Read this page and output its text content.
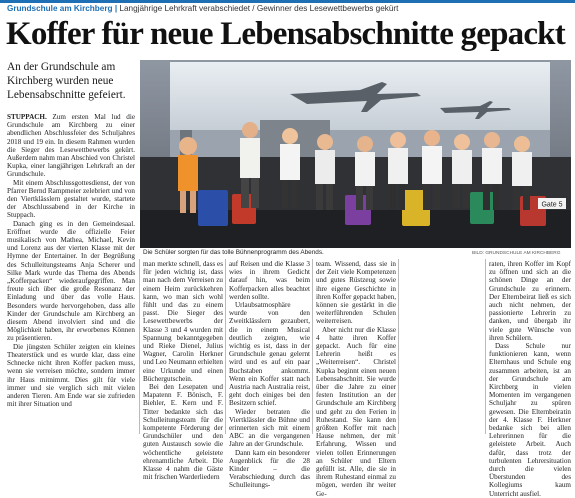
Grundschule am Kirchberg | Langjährige Lehrkraft verabschiedet / Gewinner des Lesewettbewerbs gekürt
Koffer für neue Lebensabschnitte gepackt
An der Grundschule am Kirchberg wurden neue Lebensabschnitte gefeiert.

STUPPACH. Zum ersten Mal lud die Grundschule am Kirchberg zu einer abendlichen Abschlussfeier des Schuljahres 2018 und 19 ein. In diesem Rahmen wurden die Sieger des Lesewettbewerbs gekürt. Außerdem nahm man Abschied von Christel Kupka, einer langjährigen Lehrkraft an der Grundschule.

Mit einem Abschlussgottesdienst, der von Pfarrer Bernd Rampmeier zelebriert und von den Viertklässlern gestaltet wurde, startete der Abschlussabend in der Kirche in Stuppach.

Danach ging es in den Gemeindesaal. Eröffnet wurde die offizielle Feier musikalisch von Mathea, Michael, Kevin und Lorenz aus der vierten Klasse mit der Hymne der Entertainer. In der Begrüßung des Schulleitungsteams Anja Scherer und Silke Mark wurde das Thema des Abends „Kofferpacken“ wiederaufgegriffen. Man freute sich über die große Resonanz der Einladung und über das volle Haus. Besonders wurde hervorgehoben, dass alle Kinder der Grundschule am Kirchberg an diesem Abend involviert sind und die Möglichkeit haben, ihr erworbenes Können zu präsentieren.

Die jüngsten Schüler zeigten ein kleines Theaterstück und es wurde klar, dass eine Schnecke nicht ihren Koffer packen muss, wenn sie verreisen möchte, sondern immer ihr Haus mitnimmt. Dies gilt für viele immer und sie verglich sich mit vielen anderen Tieren. Am Ende war sie zufrieden mit ihrer Situation und

Gate 5
Die Schüler sorgten für das tolle Bühnenprogramm des Abends.	BILD: GRUNDSCHULE AM KIRCHBERG

man merkte schnell, dass es für jeden wichtig ist, dass man nach dem Verreisen zu einem Heim zurückkehren kann, wo man sich wohl fühlt und das zu einem passt. Die Sieger des Lesewettbewerbs der Klasse 3 und 4 wurden mit Spannung bekanntgegeben und Rieke Dienel, Julius Wagner, Carolin Herkner und Leo Neumann erhielten eine Urkunde und einen Büchergutschein.

Bei den Lesepaten und Mapatenn F. Bönisch, F. Biehler, E. Kern und F. Titter bedankte sich das Schulleitungsteam für die kompetente Förderung der Grundschüler und den guten Austausch sowie die wöchentliche geleistete ehrenamtliche Arbeit. Die Klasse 4 nahm die Gäste mit frischen Warderliedern

auf Reisen und die Klasse 3 wies in ihrem Gedicht darauf hin, was beim Kofferpacken alles beachtet werden sollte.

Urlaubsatmosphäre wurde von den Zweitklässlern gezaubert, die in einem Musical deutlich zeigten, wie wichtig es ist, dass in der Grundschule genau gelernt wird und es auf ein paar Buchstaben ankommt. Wenn ein Koffer statt nach Austria nach Australia reist, geht doch einiges bei den Besitzern schief.

Wieder betraten die Viertklässler die Bühne und erinnerten sich mit einem ABC an die vergangenen Jahre an der Grundschule.

Dann kam ein besonderer Augenblick für die 28 Kinder – die Verabschiedung durch das Schulleitungs-

team. Wissend, dass sie in der Zeit viele Kompetenzen und gutes Rüstzeug sowie ihre eigene Geschichte in ihren Koffer gepackt haben, können sie gestärkt in die weiterführenden Schulen weiterreisen.

Aber nicht nur die Klasse 4 hatte ihren Koffer gepackt. Auch für eine Lehrerin heißt es „Weiterreisen“. Christel Kupka beginnt einen neuen Lebensabschnitt. Sie wurde über die Jahre zu einer festen Institution an der Grundschule am Kirchberg und geht zu den Ferien in Ruhestand. Sie kann den größten Koffer mit nach Hause nehmen, der mit Erfahrung, Wissen und vielen tollen Erinnerungen an Schüler und Eltern gefüllt ist. Alle, die sie in ihrem Ruhestand einmal zu mögen, werden ihr weiter Ge-

raten, ihren Koffer im Kopf zu öffnen und sich an die schönen Dinge an der Grundschule zu erinnern. Der Elternbeirat ließ es sich auch nicht nehmen, der passionierte Lehrerin zu danken, und übergab ihr viele gute Wünsche von ihren Schülern.

Dass Schule nur funktionieren kann, wenn Elternhaus und Schule eng zusammen arbeiten, ist an der Grundschule am Kirchberg in vielen Momenten im vergangenen Schuljahr zu spüren gewesen. Die Elternbeiratin der 4. Klasse F. Herkner bedanke sich bei allen Lehrerinnen für die geleistete Arbeit. Auch dafür, dass trotz der turbulenten Lehrersituation durch die vielen Überstunden des Kollegiums kaum Unterricht ausfiel.
